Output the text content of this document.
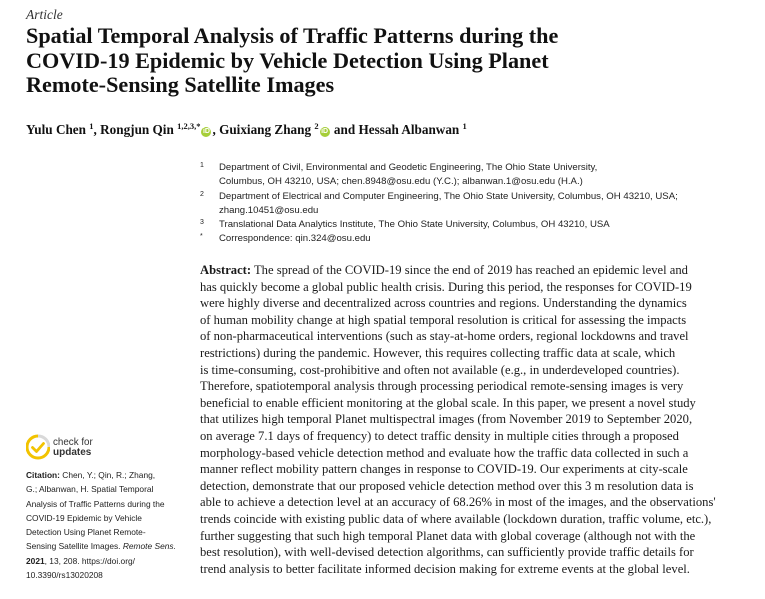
Article
Spatial Temporal Analysis of Traffic Patterns during the
COVID-19 Epidemic by Vehicle Detection Using Planet
Remote-Sensing Satellite Images
Yulu Chen $^1$, Rongjun Qin $^{1,2,3,*}$iD , Guixiang Zhang $^2$iD and Hessah Albanwan $^1$
1 Department of Civil, Environmental and Geodetic Engineering, The Ohio State University,
Columbus, OH 43210, USA; chen.8948@osu.edu (Y.C.); albanwan.1@osu.edu (H.A.)
2 Department of Electrical and Computer Engineering, The Ohio State University, Columbus, OH 43210, USA;
zhang.10451@osu.edu
3 Translational Data Analytics Institute, The Ohio State University, Columbus, OH 43210, USA
* Correspondence: qin.324@osu.edu
Abstract: The spread of the COVID-19 since the end of 2019 has reached an epidemic level and
has quickly become a global public health crisis. During this period, the responses for COVID-19
were highly diverse and decentralized across countries and regions. Understanding the dynamics
of human mobility change at high spatial temporal resolution is critical for assessing the impacts
of non-pharmaceutical interventions (such as stay-at-home orders, regional lockdowns and travel
restrictions) during the pandemic. However, this requires collecting traffic data at scale, which
is time-consuming, cost-prohibitive and often not available (e.g., in underdeveloped countries).
Therefore, spatiotemporal analysis through processing periodical remote-sensing images is very
beneficial to enable efficient monitoring at the global scale. In this paper, we present a novel study
that utilizes high temporal Planet multispectral images (from November 2019 to September 2020,
on average 7.1 days of frequency) to detect traffic density in multiple cities through a proposed
morphology-based vehicle detection method and evaluate how the traffic data collected in such a
manner reflect mobility pattern changes in response to COVID-19. Our experiments at city-scale
detection, demonstrate that our proposed vehicle detection method over this 3 m resolution data is
able to achieve a detection level at an accuracy of 68.26% in most of the images, and the observations'
trends coincide with existing public data of where available (lockdown duration, traffic volume, etc.),
further suggesting that such high temporal Planet data with global coverage (although not with the
best resolution), with well-devised detection algorithms, can sufficiently provide traffic details for
trend analysis to better facilitate informed decision making for extreme events at the global level.
check for
updates
Citation: Chen, Y.; Qin, R.; Zhang,
G.; Albanwan, H. Spatial Temporal
Analysis of Traffic Patterns during the
COVID-19 Epidemic by Vehicle
Detection Using Planet Remote-
Sensing Satellite Images. Remote Sens.
2021, 13, 208. https://doi.org/
10.3390/rs13020208
